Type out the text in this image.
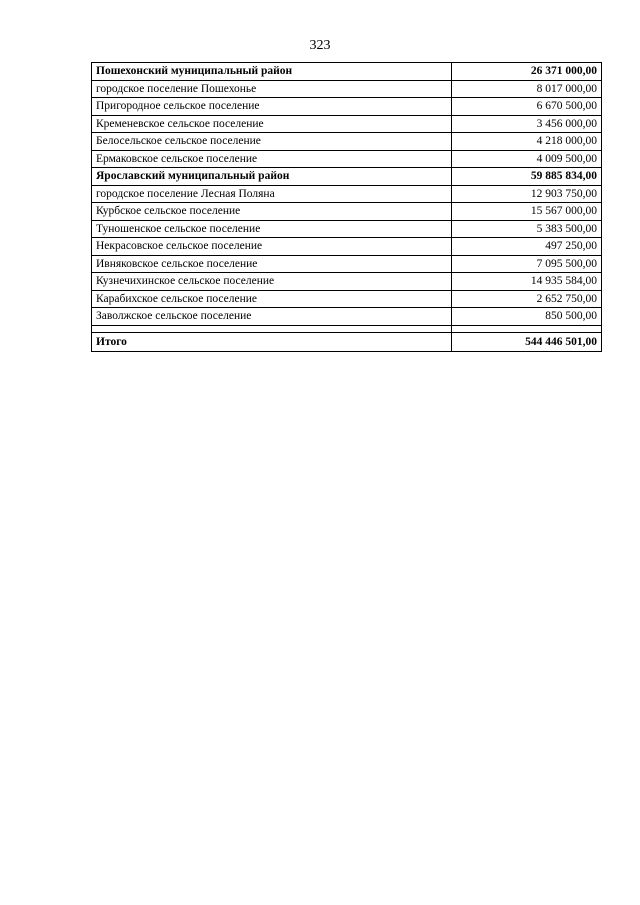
323
Пошехонский муниципальный район	26 371 000,00
городское поселение Пошехонье	8 017 000,00
Пригородное сельское поселение	6 670 500,00
Кременевское сельское поселение	3 456 000,00
Белосельское сельское поселение	4 218 000,00
Ермаковское сельское поселение	4 009 500,00
Ярославский муниципальный район	59 885 834,00
городское поселение Лесная Поляна	12 903 750,00
Курбское сельское поселение	15 567 000,00
Туношенское сельское поселение	5 383 500,00
Некрасовское сельское поселение	497 250,00
Ивняковское сельское поселение	7 095 500,00
Кузнечихинское сельское поселение	14 935 584,00
Карабихское сельское поселение	2 652 750,00
Заволжское сельское поселение	850 500,00

Итого	544 446 501,00
